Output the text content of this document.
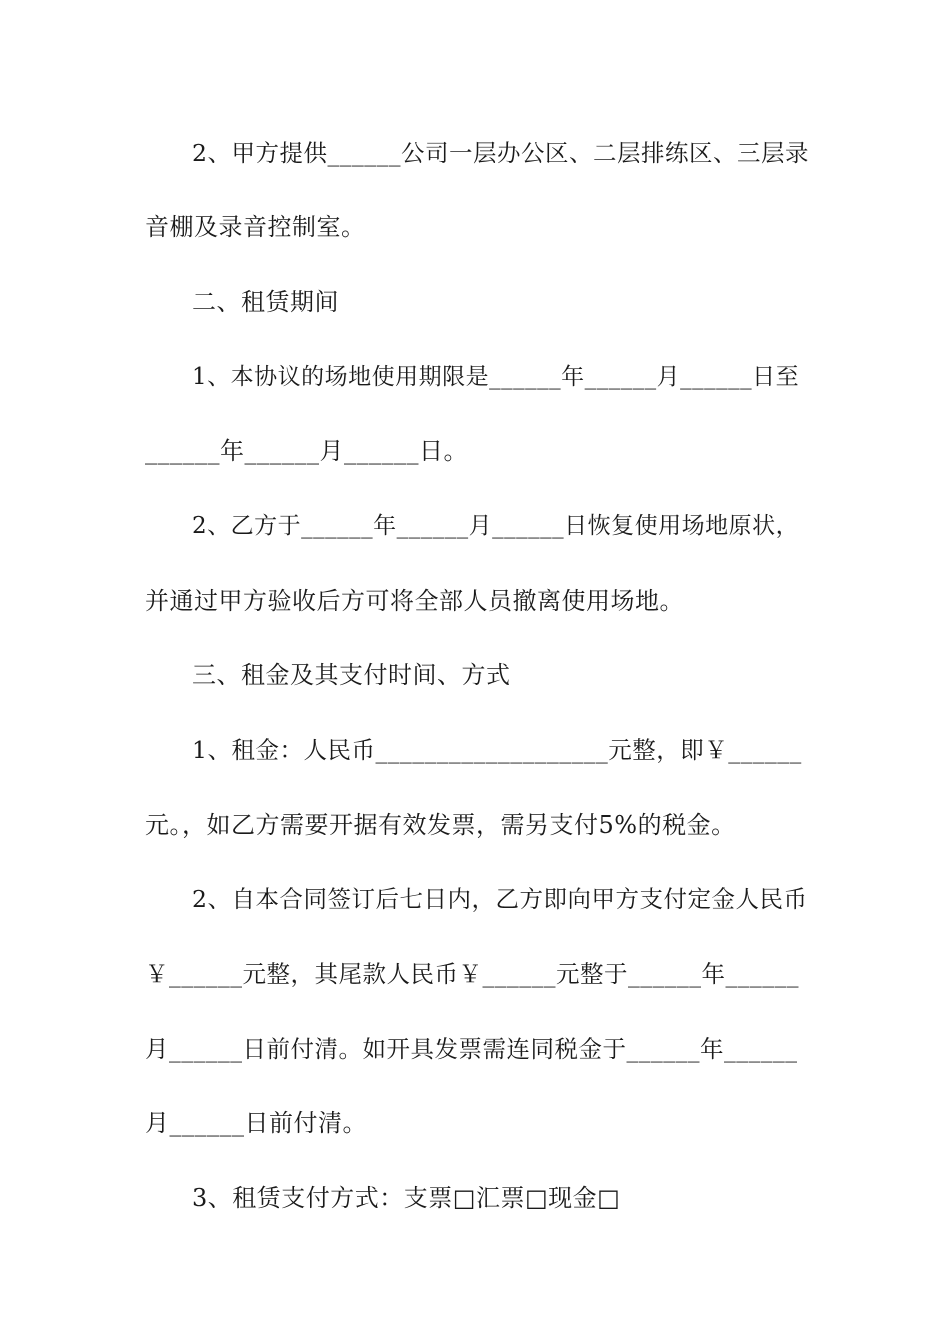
2、甲方提供______公司一层办公区、二层排练区、三层录
音棚及录音控制室。
二、租赁期间
1、本协议的场地使用期限是______年______月______日至
______年______月______日。
2、乙方于______年______月______日恢复使用场地原状，
并通过甲方验收后方可将全部人员撤离使用场地。
三、租金及其支付时间、方式
1、租金：人民币___________________元整，即￥______
元。，如乙方需要开据有效发票，需另支付5%的税金。
2、自本合同签订后七日内，乙方即向甲方支付定金人民币
￥______元整，其尾款人民币￥______元整于______年______
月______日前付清。如开具发票需连同税金于______年______
月______日前付清。
3、租赁支付方式：支票□汇票□现金□
